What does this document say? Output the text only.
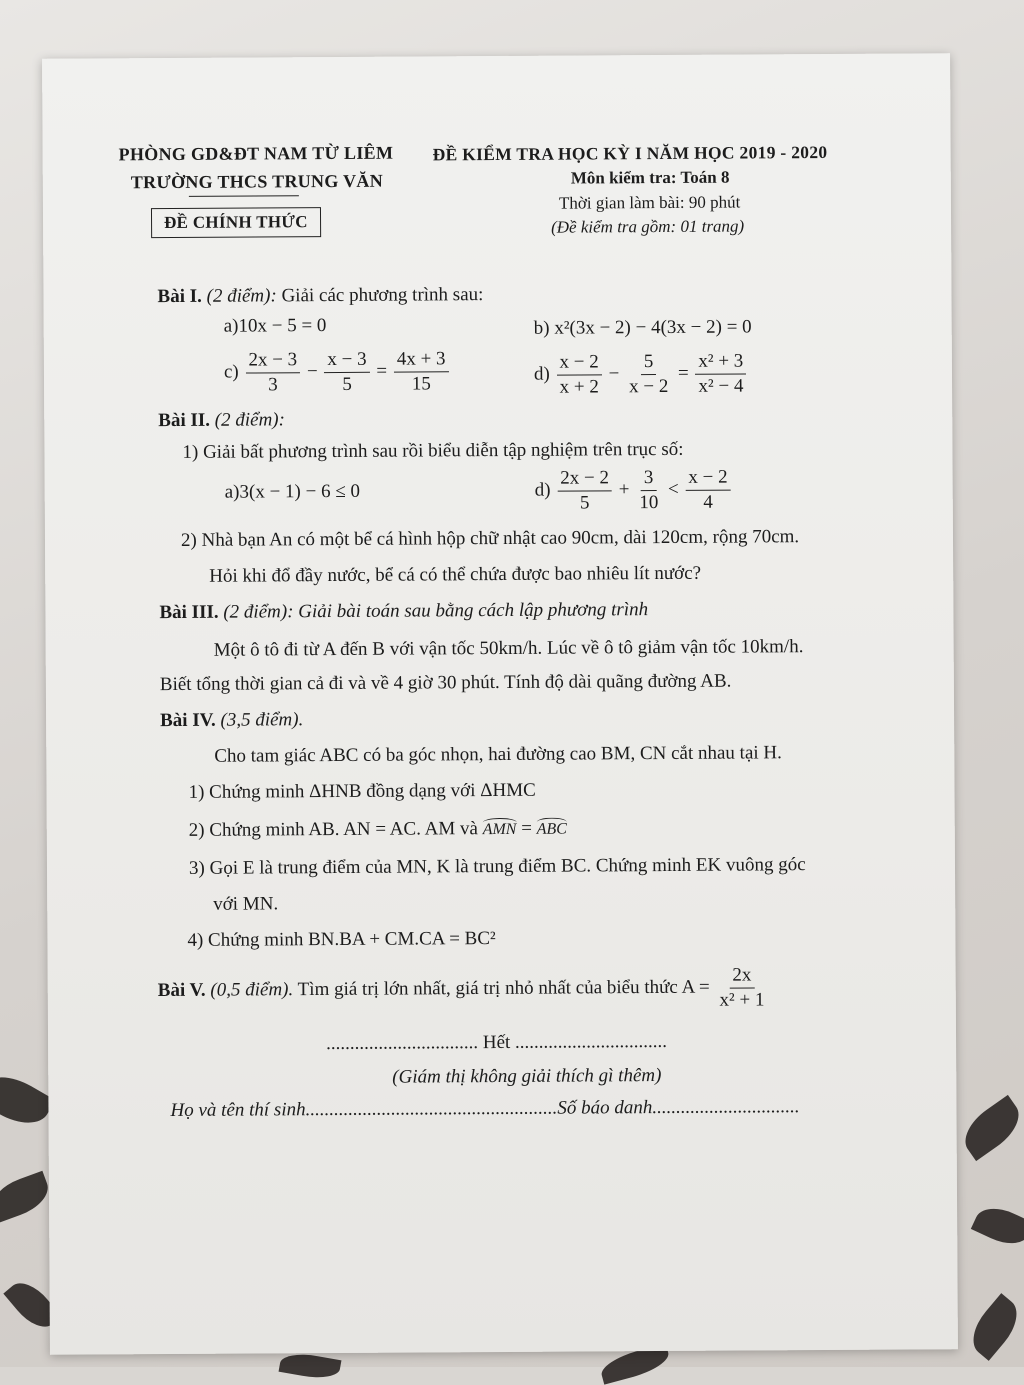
PHÒNG GD&ĐT NAM TỪ LIÊM
TRƯỜNG THCS TRUNG VĂN
ĐỀ CHÍNH THỨC
ĐỀ KIỂM TRA HỌC KỲ I NĂM HỌC 2019 - 2020
Môn kiểm tra: Toán 8
Thời gian làm bài: 90 phút
(Đề kiểm tra gồm: 01 trang)
Bài I. (2 điểm): Giải các phương trình sau:
a)10x − 5 = 0	b) x²(3x − 2) − 4(3x − 2) = 0
$c) \frac{2x - 3}{3} - \frac{x - 3}{5} = \frac{4x + 3}{15}$	$d) \frac{x - 2}{x + 2} - \frac{5}{x - 2} = \frac{\text{x² + 3}}{\text{x² − 4}}$
Bài II. (2 điểm):
1) Giải bất phương trình sau rồi biểu diễn tập nghiệm trên trục số:
a)3(x − 1) − 6 ≤ 0	$d) \frac{2x - 2}{5} + \frac{3}{10} < \frac{x - 2}{4}$
2) Nhà bạn An có một bể cá hình hộp chữ nhật cao 90cm, dài 120cm, rộng 70cm.
Hỏi khi đổ đầy nước, bể cá có thể chứa được bao nhiêu lít nước?
Bài III. (2 điểm): Giải bài toán sau bằng cách lập phương trình
Một ô tô đi từ A đến B với vận tốc 50km/h. Lúc về ô tô giảm vận tốc 10km/h.
Biết tổng thời gian cả đi và về 4 giờ 30 phút. Tính độ dài quãng đường AB.
Bài IV. (3,5 điểm).
Cho tam giác ABC có ba góc nhọn, hai đường cao BM, CN cắt nhau tại H.
1) Chứng minh ΔHNB đồng dạng với ΔHMC
2) Chứng minh AB. AN = AC. AM và AMN = ABC
3) Gọi E là trung điểm của MN, K là trung điểm BC. Chứng minh EK vuông góc
với MN.
4) Chứng minh BN.BA + CM.CA = BC²
Bài V. (0,5 điểm). Tìm giá trị lớn nhất, giá trị nhỏ nhất của biểu thức $A = \frac{2x}{\text{x² + 1}}$
................................ Hết ................................
(Giám thị không giải thích gì thêm)
Họ và tên thí sinh.....................................................Số báo danh...............................
